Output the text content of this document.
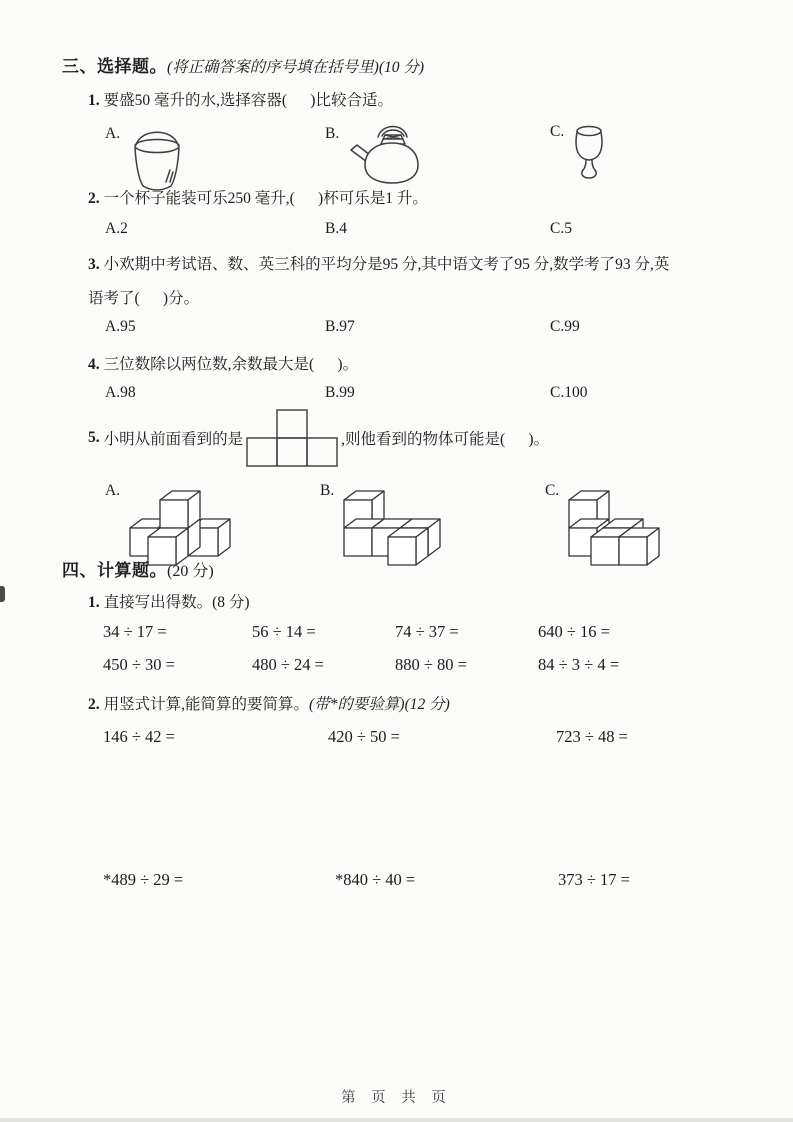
三、选择题。(将正确答案的序号填在括号里)(10 分)
1. 要盛50 毫升的水,选择容器(      )比较合适。
A.	B.	C.
2. 一个杯子能装可乐250 毫升,(      )杯可乐是1 升。
A.2	B.4	C.5
3. 小欢期中考试语、数、英三科的平均分是95 分,其中语文考了95 分,数学考了93 分,英
语考了(      )分。
A.95	B.97	C.99
4. 三位数除以两位数,余数最大是(      )。
A.98	B.99	C.100
5. 小明从前面看到的是	,则他看到的物体可能是(      )。
A.	B.	C.
四、计算题。(20 分)
1. 直接写出得数。(8 分)
34 ÷ 17 =	56 ÷ 14 =	74 ÷ 37 =	640 ÷ 16 =
450 ÷ 30 =	480 ÷ 24 =	880 ÷ 80 =	84 ÷ 3 ÷ 4 =
2. 用竖式计算,能简算的要简算。(带*的要验算)(12 分)
146 ÷ 42 =	420 ÷ 50 =	723 ÷ 48 =
*489 ÷ 29 =	*840 ÷ 40 =	373 ÷ 17 =
第 页 共 页
